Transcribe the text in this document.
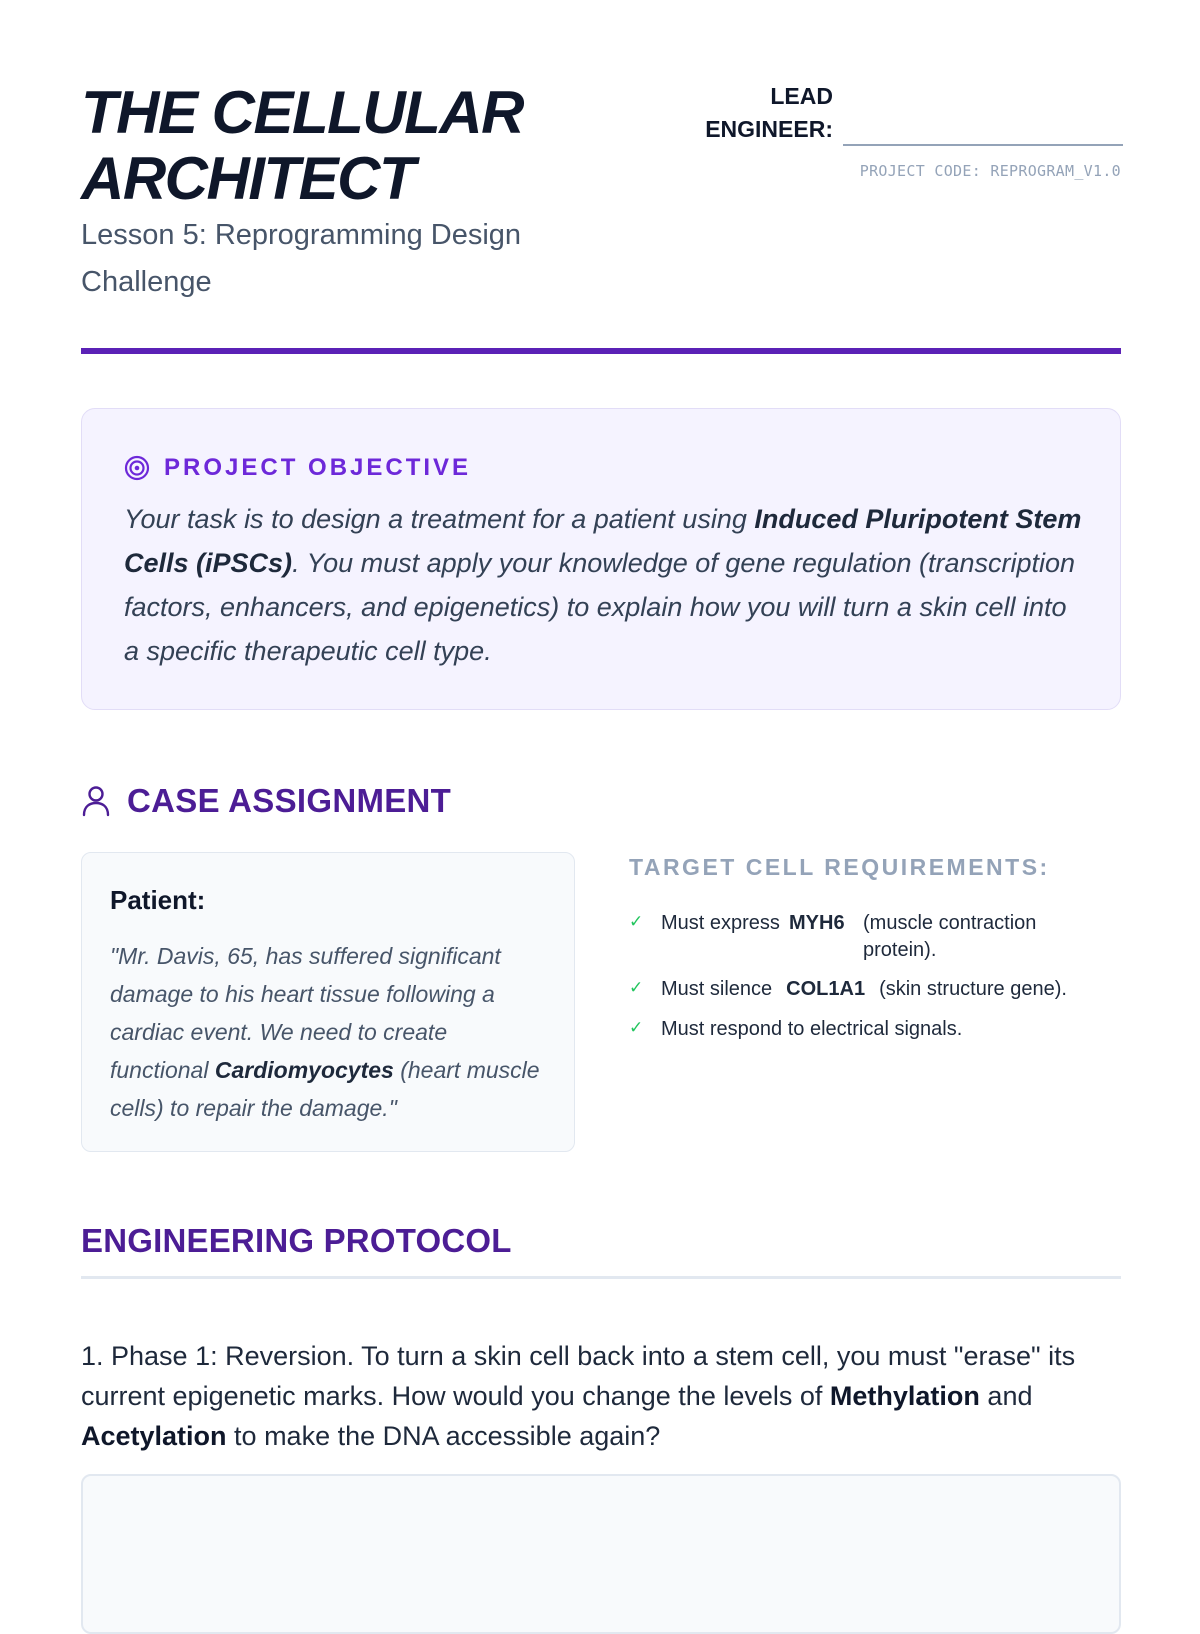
THE CELLULAR
ARCHITECT

Lesson 5: Reprogramming Design Challenge

LEAD
ENGINEER:
PROJECT CODE: REPROGRAM_V1.0
PROJECT OBJECTIVE

Your task is to design a treatment for a patient using Induced Pluripotent Stem Cells (iPSCs). You must apply your knowledge of gene regulation (transcription factors, enhancers, and epigenetics) to explain how you will turn a skin cell into a specific therapeutic cell type.

CASE ASSIGNMENT
Patient:

"Mr. Davis, 65, has suffered significant damage to his heart tissue following a cardiac event. We need to create functional Cardiomyocytes (heart muscle cells) to repair the damage."

TARGET CELL REQUIREMENTS:
✓ Must express MYH6 (muscle contraction protein).
✓ Must silence COL1A1 (skin structure gene).
✓ Must respond to electrical signals.
ENGINEERING PROTOCOL

1. Phase 1: Reversion. To turn a skin cell back into a stem cell, you must "erase" its current epigenetic marks. How would you change the levels of Methylation and Acetylation to make the DNA accessible again?
